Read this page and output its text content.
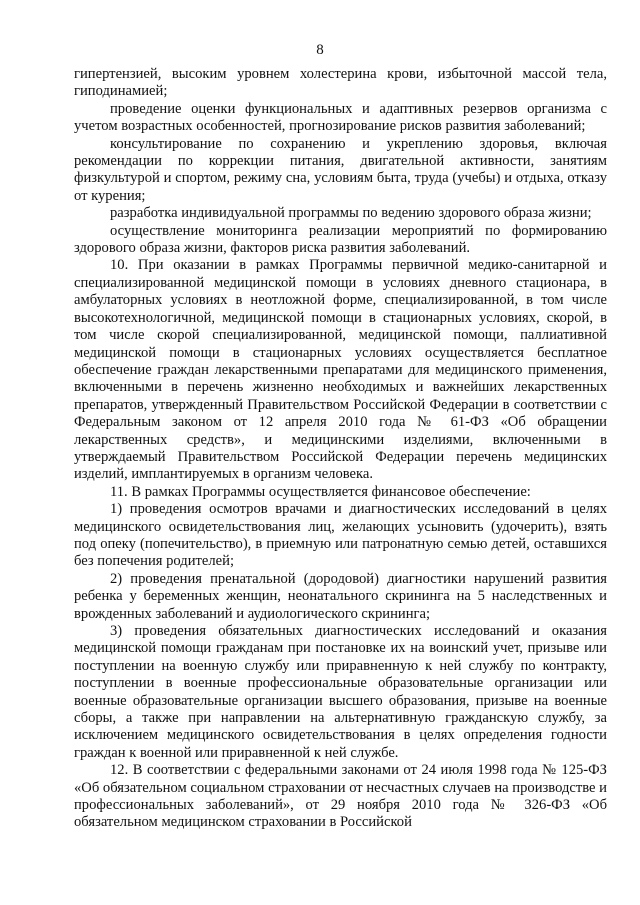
8

гипертензией, высоким уровнем холестерина крови, избыточной массой тела, гиподинамией;

проведение оценки функциональных и адаптивных резервов организма с учетом возрастных особенностей, прогнозирование рисков развития заболеваний;

консультирование по сохранению и укреплению здоровья, включая рекомендации по коррекции питания, двигательной активности, занятиям физкультурой и спортом, режиму сна, условиям быта, труда (учебы) и отдыха, отказу от курения;

разработка индивидуальной программы по ведению здорового образа жизни;

осуществление мониторинга реализации мероприятий по формированию здорового образа жизни, факторов риска развития заболеваний.

10. При оказании в рамках Программы первичной медико-санитарной и специализированной медицинской помощи в условиях дневного стационара, в амбулаторных условиях в неотложной форме, специализированной, в том числе высокотехнологичной, медицинской помощи в стационарных условиях, скорой, в том числе скорой специализированной, медицинской помощи, паллиативной медицинской помощи в стационарных условиях осуществляется бесплатное обеспечение граждан лекарственными препаратами для медицинского применения, включенными в перечень жизненно необходимых и важнейших лекарственных препаратов, утвержденный Правительством Российской Федерации в соответствии с Федеральным законом от 12 апреля 2010 года № 61-ФЗ «Об обращении лекарственных средств», и медицинскими изделиями, включенными в утверждаемый Правительством Российской Федерации перечень медицинских изделий, имплантируемых в организм человека.

11. В рамках Программы осуществляется финансовое обеспечение:

1) проведения осмотров врачами и диагностических исследований в целях медицинского освидетельствования лиц, желающих усыновить (удочерить), взять под опеку (попечительство), в приемную или патронатную семью детей, оставшихся без попечения родителей;

2) проведения пренатальной (дородовой) диагностики нарушений развития ребенка у беременных женщин, неонатального скрининга на 5 наследственных и врожденных заболеваний и аудиологического скрининга;

3) проведения обязательных диагностических исследований и оказания медицинской помощи гражданам при постановке их на воинский учет, призыве или поступлении на военную службу или приравненную к ней службу по контракту, поступлении в военные профессиональные образовательные организации или военные образовательные организации высшего образования, призыве на военные сборы, а также при направлении на альтернативную гражданскую службу, за исключением медицинского освидетельствования в целях определения годности граждан к военной или приравненной к ней службе.

12. В соответствии с федеральными законами от 24 июля 1998 года № 125-ФЗ «Об обязательном социальном страховании от несчастных случаев на производстве и профессиональных заболеваний», от 29 ноября 2010 года № 326-ФЗ «Об обязательном медицинском страховании в Российской
